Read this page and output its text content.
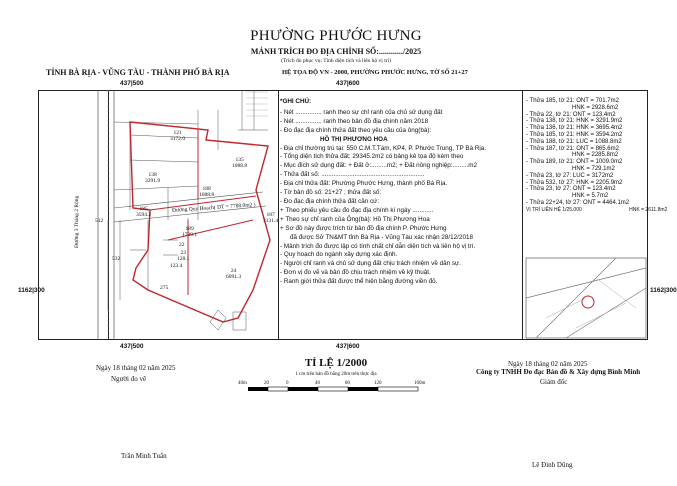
PHƯỜNG PHƯỚC HƯNG
MẢNH TRÍCH ĐO ĐỊA CHÍNH SỐ:............/2025
(Trích đo phục vụ: Tính diện tích và liên hộ vị trí)
TỈNH BÀ RỊA - VŨNG TÀU - THÀNH PHỐ BÀ RỊA	HỆ TỌA ĐỘ VN - 2000, PHƯỜNG PHƯỚC HƯNG, TỜ SỐ 21+27
437|500	437|600
437|500	437|600
1162|300	1162|300
121
3172.0
138
3291.9
135
1088.8
188
1088.8
185
3594.2	187
3131.4
189
1739.1
22
23
128.1
123.4
24
6091.3
532
512
275
Đường 3 Tháng 2 Rộng	Đường Quy Hoạch( DT = 7788.0m2 )
*GHI CHÚ:
- Nét ............... ranh theo sự chỉ ranh của chủ sử dụng đất
- Nét ............... ranh theo bản đồ địa chính năm 2018
- Đo đạc địa chính thửa đất theo yêu cầu của ông(bà):
HỒ THỊ PHƯƠNG HOA
- Địa chỉ thường trú tại: 550 C.M.T.Tám, KP4, P. Phước Trung, TP Bà Rịa.
- Tổng diện tích thửa đất: 29345.2m2 có bảng kê tọa độ kèm theo
- Mục đích sử dụng đất: + Đất ở:.........m2; + Đất nông nghiệp:.........m2
- Thửa đất số: ...........................................................
- Địa chỉ thửa đất: Phường Phước Hưng, thành phố Bà Rịa.
- Tờ bản đồ số: 21+27 ; thửa đất số:
- Đo đạc địa chính thửa đất căn cứ:
+ Theo phiếu yêu cầu đo đạc địa chính kí ngày ............
+ Theo sự chỉ ranh của Ông(bà): Hồ Thị Phương Hoa
+ Sơ đồ này được trích từ bản đồ địa chính P. Phước Hưng
đã được Sở TN&MT tỉnh Bà Rịa - Vũng Tàu xác nhận 28/12/2018
- Mảnh trích đo được lập có tính chất chỉ dẫn diện tích và liên hộ vị trí.
- Quy hoạch do ngành xây dựng xác định.
- Người chỉ ranh và chủ sử dụng đất chịu trách nhiệm về dân sự.
- Đơn vị đo vẽ và bản đồ chịu trách nhiệm về kỹ thuật.
- Ranh giới thửa đất được thể hiện bằng đường viền đỏ.
- Thửa 185, tờ 21: ONT = 701.7m2
HNK = 2928.6m2
- Thửa 22, tờ 21: ONT = 123.4m2
- Thửa 138, tờ 21: HNK = 3291.9m2
- Thửa 136, tờ 21: HNK = 3695.4m2
- Thửa 185, tờ 21: HNK = 3594.2m2
- Thửa 188, tờ 21: LUC = 1088.8m2
- Thửa 187, tờ 21: ONT = 865.6m2
HNK = 2285.8m2
- Thửa 189, tờ 21: ONT = 1009.0m2
HNK = 729.1m2
- Thửa 23, tờ 27: LUC = 3172m2
- Thửa 532, tờ 27: HNK = 2205.9m2
- Thửa 23, tờ 27: ONT = 123.4m2
HNK = 5.7m2
- Thửa 22+24, tờ 27: ONT = 4464.1m2
VỊ TRÍ LIÊN HỆ 1/25.000	HNK = 2611.8m2
TỈ LỆ 1/2000
1 cm trên bản đồ bằng 20m trên thực địa
40m	20	0	40	80	120	160m
Ngày 18 tháng 02 năm 2025
Người đo vẽ
Trần Minh Tuấn
Ngày 18 tháng 02 năm 2025
Công ty TNHH Đo đạc Bản đồ & Xây dựng Bình Minh
Giám đốc
Lê Đình Dũng
